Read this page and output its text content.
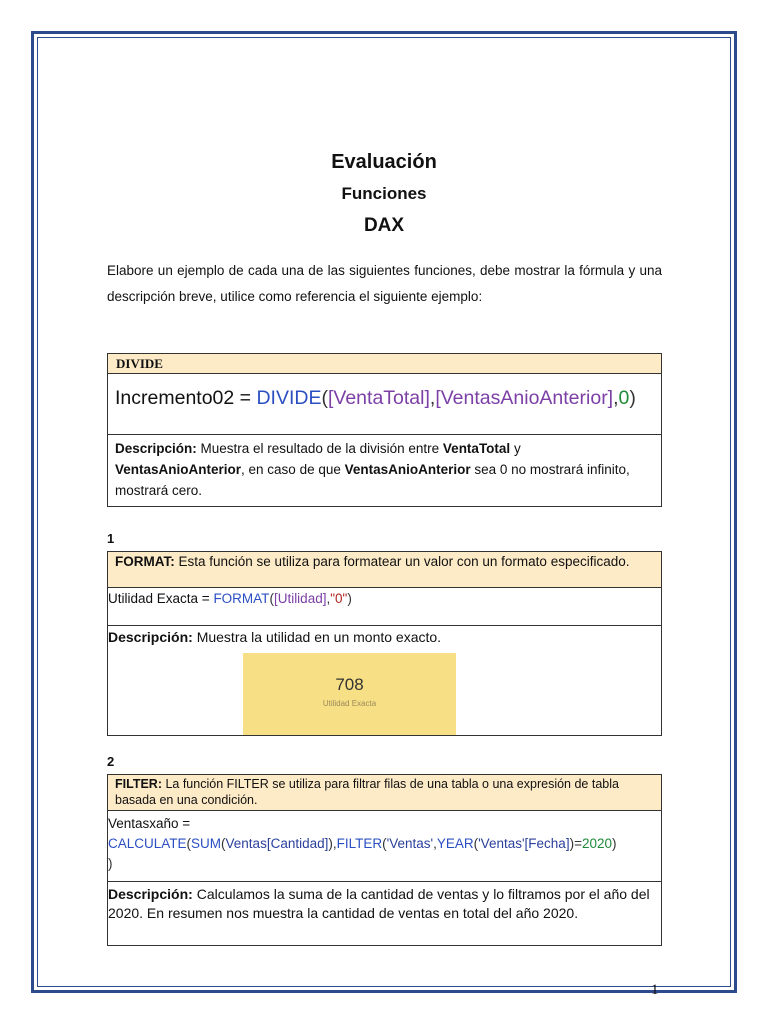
Evaluación
Funciones
DAX
Elabore un ejemplo de cada una de las siguientes funciones, debe mostrar la fórmula y una descripción breve, utilice como referencia el siguiente ejemplo:
DIVIDE
Incremento02 = DIVIDE([VentaTotal],[VentasAnioAnterior],0)
Descripción: Muestra el resultado de la división entre VentaTotal y VentasAnioAnterior, en caso de que VentasAnioAnterior sea 0 no mostrará infinito, mostrará cero.
1
FORMAT: Esta función se utiliza para formatear un valor con un formato especificado.
Utilidad Exacta = FORMAT([Utilidad],"0")
Descripción: Muestra la utilidad en un monto exacto.
708
Utilidad Exacta
2
FILTER: La función FILTER se utiliza para filtrar filas de una tabla o una expresión de tabla basada en una condición.
Ventasxaño =
CALCULATE(SUM(Ventas[Cantidad]),FILTER('Ventas',YEAR('Ventas'[Fecha])=2020)
)
Descripción: Calculamos la suma de la cantidad de ventas y lo filtramos por el año del 2020. En resumen nos muestra la cantidad de ventas en total del año 2020.
1
